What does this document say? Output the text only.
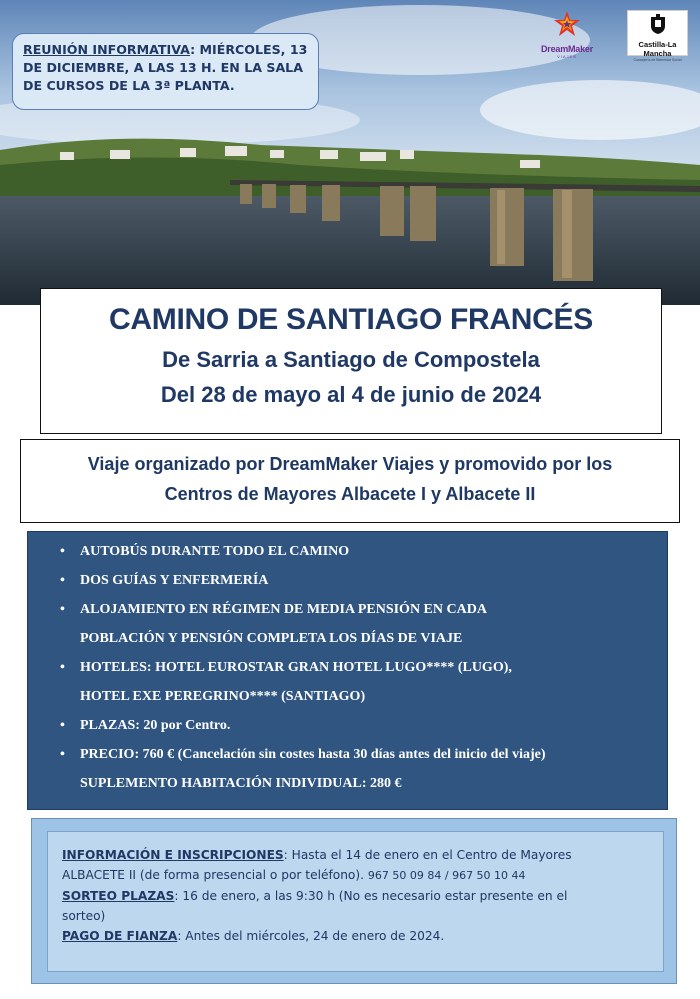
REUNIÓN INFORMATIVA: MIÉRCOLES, 13 DE DICIEMBRE, A LAS 13 H. EN LA SALA DE CURSOS DE LA 3ª PLANTA.
DreamMaker
VIAJES
Castilla-La Mancha
Consejería de Bienestar Social
CAMINO DE SANTIAGO FRANCÉS
De Sarria a Santiago de Compostela
Del 28 de mayo al 4 de junio de 2024
Viaje organizado por DreamMaker Viajes y promovido por los
Centros de Mayores Albacete I y Albacete II
• AUTOBÚS DURANTE TODO EL CAMINO
• DOS GUÍAS Y ENFERMERÍA
• ALOJAMIENTO EN RÉGIMEN DE MEDIA PENSIÓN EN CADA
POBLACIÓN Y PENSIÓN COMPLETA LOS DÍAS DE VIAJE
• HOTELES: HOTEL EUROSTAR GRAN HOTEL LUGO**** (LUGO),
HOTEL EXE PEREGRINO**** (SANTIAGO)
• PLAZAS: 20 por Centro.
• PRECIO: 760 € (Cancelación sin costes hasta 30 días antes del inicio del viaje)
SUPLEMENTO HABITACIÓN INDIVIDUAL: 280 €
INFORMACIÓN E INSCRIPCIONES: Hasta el 14 de enero en el Centro de Mayores
ALBACETE II (de forma presencial o por teléfono). 967 50 09 84 / 967 50 10 44
SORTEO PLAZAS: 16 de enero, a las 9:30 h (No es necesario estar presente en el
sorteo)
PAGO DE FIANZA: Antes del miércoles, 24 de enero de 2024.
